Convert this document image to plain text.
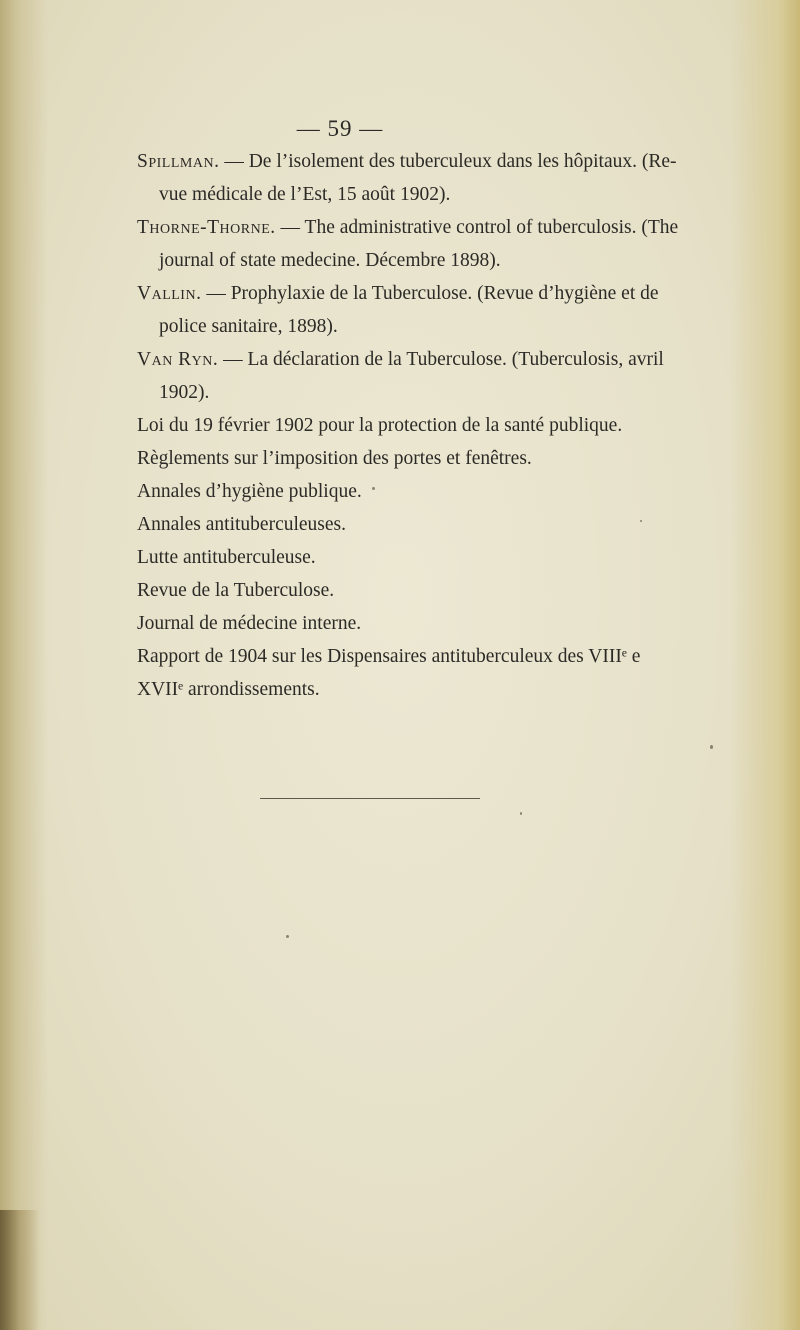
— 59 —
Spillman. — De l’isolement des tuberculeux dans les hôpitaux. (Re-
vue médicale de l’Est, 15 août 1902).
Thorne-Thorne. — The administrative control of tuberculosis. (The
journal of state medecine. Décembre 1898).
Vallin. — Prophylaxie de la Tuberculose. (Revue d’hygiène et de
police sanitaire, 1898).
Van Ryn. — La déclaration de la Tuberculose. (Tuberculosis, avril
1902).
Loi du 19 février 1902 pour la protection de la santé publique.
Règlements sur l’imposition des portes et fenêtres.
Annales d’hygiène publique.
Annales antituberculeuses.
Lutte antituberculeuse.
Revue de la Tuberculose.
Journal de médecine interne.
Rapport de 1904 sur les Dispensaires antituberculeux des VIIIᵉ e
XVIIᵉ arrondissements.
